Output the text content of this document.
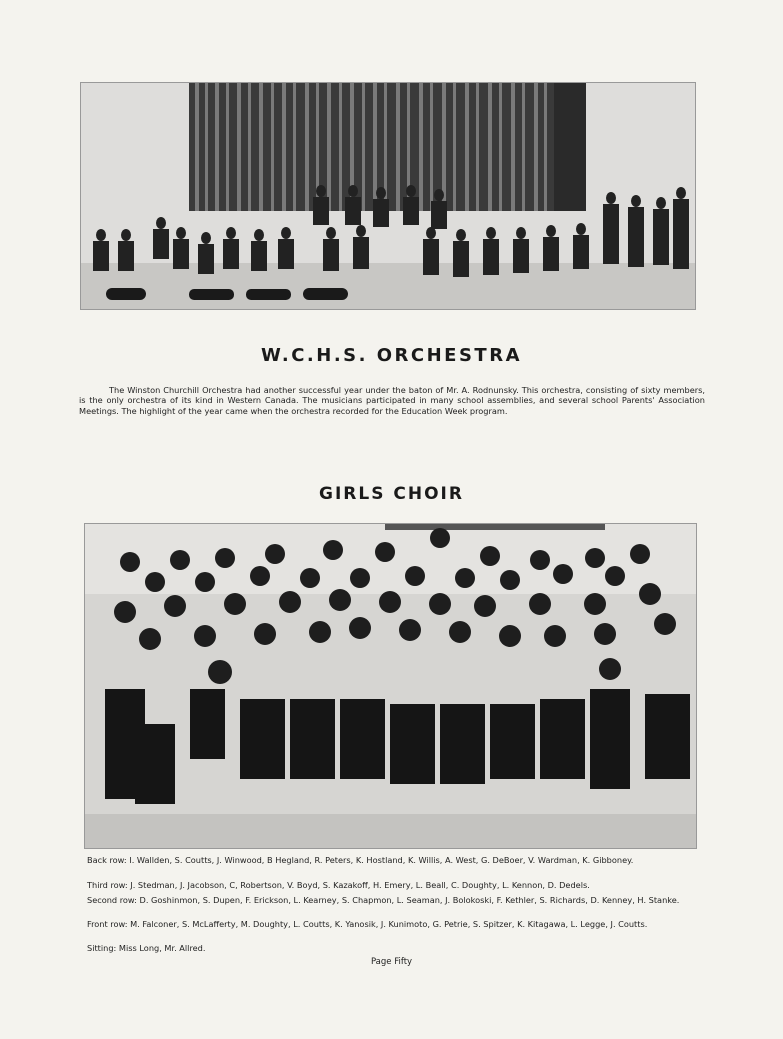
W.C.H.S. ORCHESTRA

The Winston Churchill Orchestra had another successful year under the baton of Mr. A. Rodnunsky. This orchestra, consisting of sixty members, is the only orchestra of its kind in Western Canada. The musicians participated in many school assemblies, and several school Parents' Association Meetings. The highlight of the year came when the orchestra recorded for the Education Week program.

GIRLS CHOIR

Back row: I. Wallden, S. Coutts, J. Winwood, B Hegland, R. Peters, K. Hostland, K. Willis, A. West, G. DeBoer, V. Wardman, K. Gibboney.

Third row: J. Stedman, J. Jacobson, C, Robertson, V. Boyd, S. Kazakoff, H. Emery, L. Beall, C. Doughty, L. Kennon, D. Dedels.

Second row: D. Goshinmon, S. Dupen, F. Erickson, L. Kearney, S. Chapmon, L. Seaman, J. Bolokoski, F. Kethler, S. Richards, D. Kenney, H. Stanke.

Front row: M. Falconer, S. McLafferty, M. Doughty, L. Coutts, K. Yanosik, J. Kunimoto, G. Petrie, S. Spitzer, K. Kitagawa, L. Legge, J. Coutts.

Sitting: Miss Long, Mr. Allred.

Page Fifty
